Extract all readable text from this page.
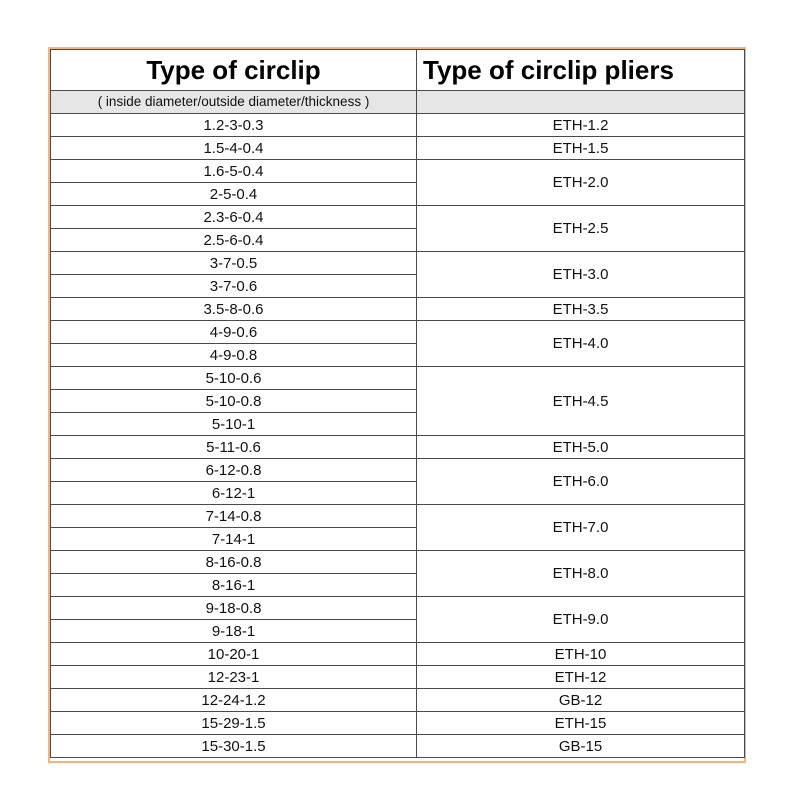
Type of circlip	Type of circlip pliers
( inside diameter/outside diameter/thickness )	
1.2-3-0.3	ETH-1.2
1.5-4-0.4	ETH-1.5
1.6-5-0.4	ETH-2.0
2-5-0.4	
2.3-6-0.4	ETH-2.5
2.5-6-0.4	
3-7-0.5	ETH-3.0
3-7-0.6	
3.5-8-0.6	ETH-3.5
4-9-0.6	ETH-4.0
4-9-0.8	
5-10-0.6	ETH-4.5
5-10-0.8	
5-10-1	
5-11-0.6	ETH-5.0
6-12-0.8	ETH-6.0
6-12-1	
7-14-0.8	ETH-7.0
7-14-1	
8-16-0.8	ETH-8.0
8-16-1	
9-18-0.8	ETH-9.0
9-18-1	
10-20-1	ETH-10
12-23-1	ETH-12
12-24-1.2	GB-12
15-29-1.5	ETH-15
15-30-1.5	GB-15
